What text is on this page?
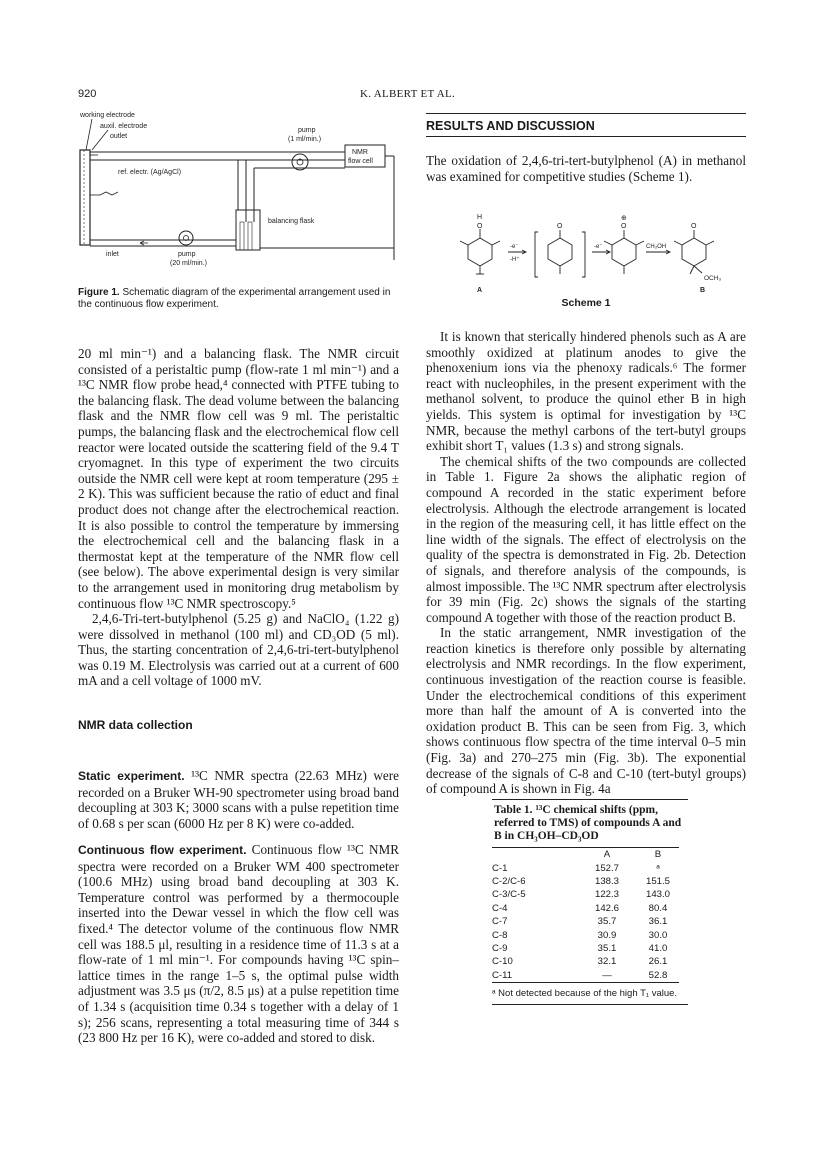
920	K. ALBERT ET AL.
working electrode
auxil. electrode
outlet
pump
(1 ml/min.)
NMR
flow cell
ref. electr. (Ag/AgCl)
balancing flask
inlet	pump
(20 ml/min.)
Figure 1. Schematic diagram of the experimental arrangement used in the continuous flow experiment.

20 ml min⁻¹) and a balancing flask. The NMR circuit consisted of a peristaltic pump (flow-rate 1 ml min⁻¹) and a ¹³C NMR flow probe head,⁴ connected with PTFE tubing to the balancing flask. The dead volume between the balancing flask and the NMR flow cell was 9 ml. The peristaltic pumps, the balancing flask and the electrochemical flow cell reactor were located outside the scattering field of the 9.4 T cryomagnet. In this type of experiment the two circuits outside the NMR cell were kept at room temperature (295 ± 2 K). This was sufficient because the ratio of educt and final product does not change after the electrochemical reaction. It is also possible to control the temperature by immersing the electrochemical cell and the balancing flask in a thermostat kept at the temperature of the NMR flow cell (see below). The above experimental design is very similar to the arrangement used in monitoring drug metabolism by continuous flow ¹³C NMR spectroscopy.⁵

2,4,6-Tri-tert-butylphenol (5.25 g) and NaClO₄ (1.22 g) were dissolved in methanol (100 ml) and CD₃OD (5 ml). Thus, the starting concentration of 2,4,6-tri-tert-butylphenol was 0.19 M. Electrolysis was carried out at a current of 600 mA and a cell voltage of 1000 mV.

NMR data collection
Static experiment. ¹³C NMR spectra (22.63 MHz) were recorded on a Bruker WH-90 spectrometer using broad band decoupling at 303 K; 3000 scans with a pulse repetition time of 0.68 s per scan (6000 Hz per 8 K) were co-added.
Continuous flow experiment. Continuous flow ¹³C NMR spectra were recorded on a Bruker WM 400 spectrometer (100.6 MHz) using broad band decoupling at 303 K. Temperature control was performed by a thermocouple inserted into the Dewar vessel in which the flow cell was fixed.⁴ The detector volume of the continuous flow NMR cell was 188.5 μl, resulting in a residence time of 11.3 s at a flow-rate of 1 ml min⁻¹. For compounds having ¹³C spin–lattice times in the range 1–5 s, the optimal pulse width adjustment was 3.5 μs (π/2, 8.5 μs) at a pulse repetition time of 1.34 s (acquisition time 0.34 s together with a delay of 1 s); 256 scans, representing a total measuring time of 344 s (23 800 Hz per 16 K), were co-added and stored to disk.
RESULTS AND DISCUSSION
The oxidation of 2,4,6-tri-tert-butylphenol (A) in methanol was examined for competitive studies (Scheme 1).
H
O	O
⊕
O	O
-e⁻
-H⁺
-e⁻	CH₃OH
OCH₃
A	B
Scheme 1

It is known that sterically hindered phenols such as A are smoothly oxidized at platinum anodes to give the phenoxenium ions via the phenoxy radicals.⁶ The former react with nucleophiles, in the present experiment with the methanol solvent, to produce the quinol ether B in high yields. This system is optimal for investigation by ¹³C NMR, because the methyl carbons of the tert-butyl groups exhibit short T₁ values (1.3 s) and strong signals.

The chemical shifts of the two compounds are collected in Table 1. Figure 2a shows the aliphatic region of compound A recorded in the static experiment before electrolysis. Although the electrode arrangement is located in the region of the measuring cell, it has little effect on the line width of the signals. The effect of electrolysis on the quality of the spectra is demonstrated in Fig. 2b. Detection of signals, and therefore analysis of the compounds, is almost impossible. The ¹³C NMR spectrum after electrolysis for 39 min (Fig. 2c) shows the signals of the starting compound A together with those of the reaction product B.

In the static arrangement, NMR investigation of the reaction kinetics is therefore only possible by alternating electrolysis and NMR recordings. In the flow experiment, continuous investigation of the reaction course is feasible. Under the electrochemical conditions of this experiment more than half the amount of A is converted into the oxidation product B. This can be seen from Fig. 3, which shows continuous flow spectra of the time interval 0–5 min (Fig. 3a) and 270–275 min (Fig. 3b). The exponential decrease of the signals of C-8 and C-10 (tert-butyl groups) of compound A is shown in Fig. 4a

Table 1. ¹³C chemical shifts (ppm, referred to TMS) of compounds A and B in CH₃OH–CD₃OD
	A	B
C-1	152.7	ᵃ
C-2/C-6	138.3	151.5
C-3/C-5	122.3	143.0
C-4	142.6	80.4
C-7	35.7	36.1
C-8	30.9	30.0
C-9	35.1	41.0
C-10	32.1	26.1
C-11	—	52.8
ᵃ Not detected because of the high T₁ value.
